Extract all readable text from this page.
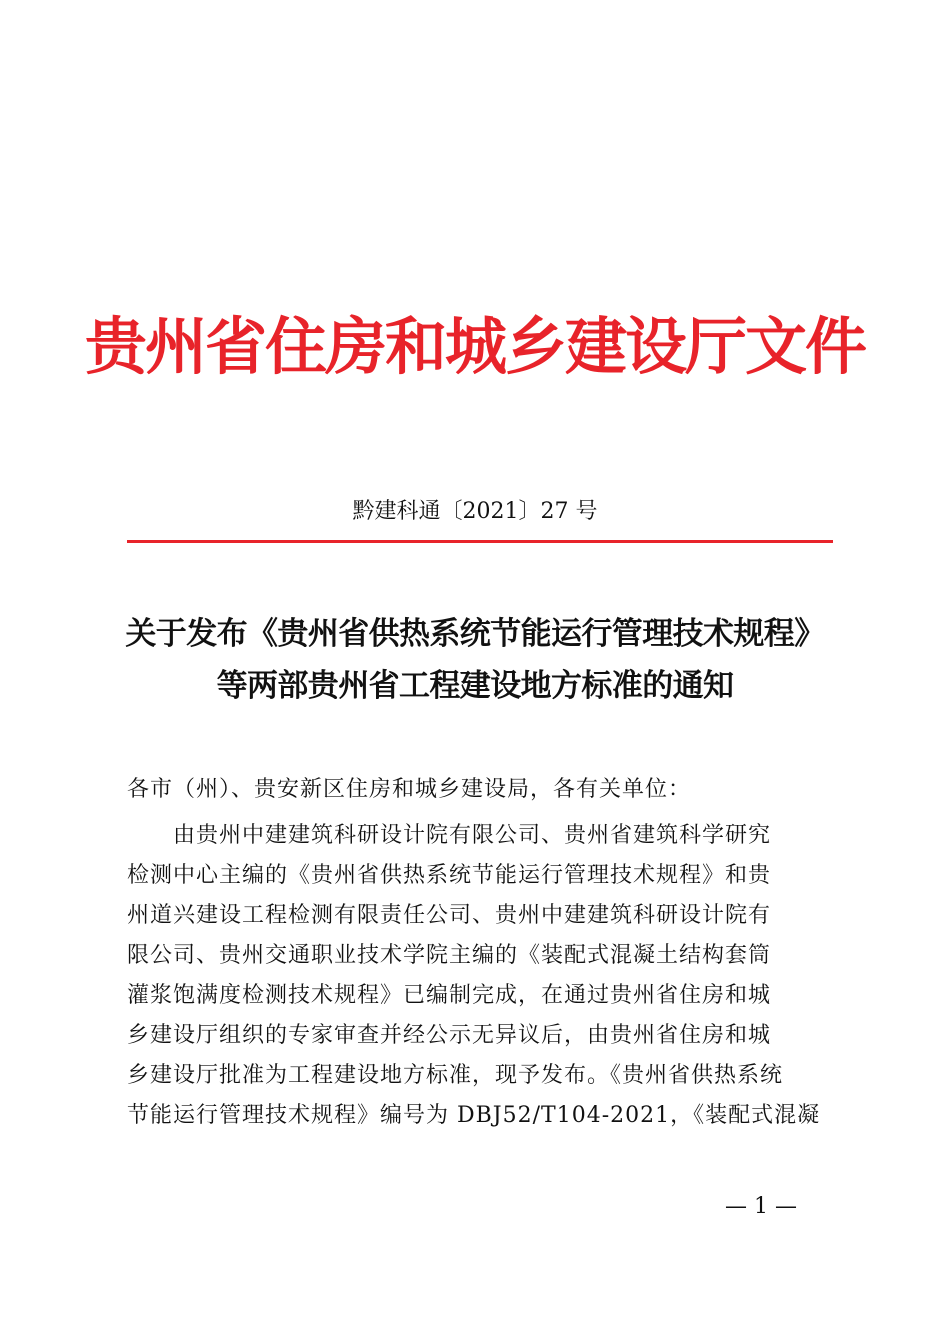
贵州省住房和城乡建设厅文件
黔建科通〔2021〕27 号
关于发布《贵州省供热系统节能运行管理技术规程》
等两部贵州省工程建设地方标准的通知
各市（州）、贵安新区住房和城乡建设局，各有关单位：
由贵州中建建筑科研设计院有限公司、贵州省建筑科学研究
检测中心主编的《贵州省供热系统节能运行管理技术规程》和贵
州道兴建设工程检测有限责任公司、贵州中建建筑科研设计院有
限公司、贵州交通职业技术学院主编的《装配式混凝土结构套筒
灌浆饱满度检测技术规程》已编制完成，在通过贵州省住房和城
乡建设厅组织的专家审查并经公示无异议后，由贵州省住房和城
乡建设厅批准为工程建设地方标准，现予发布。《贵州省供热系统
节能运行管理技术规程》编号为 DBJ52/T104-2021，《装配式混凝
— 1 —
